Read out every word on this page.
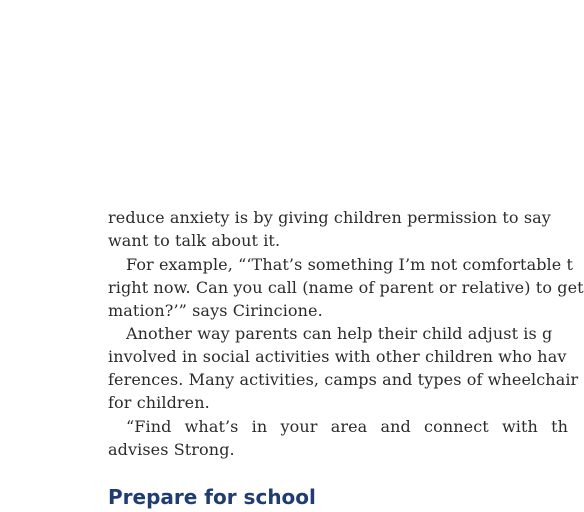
reduce anxiety is by giving children permission to say
want to talk about it.
For example, “‘That’s something I’m not comfortable t
right now. Can you call (name of parent or relative) to get
mation?’” says Cirincione.
Another way parents can help their child adjust is g
involved in social activities with other children who hav
ferences. Many activities, camps and types of wheelchair
for children.
“Find what’s in your area and connect with th
advises Strong.
Prepare for school
